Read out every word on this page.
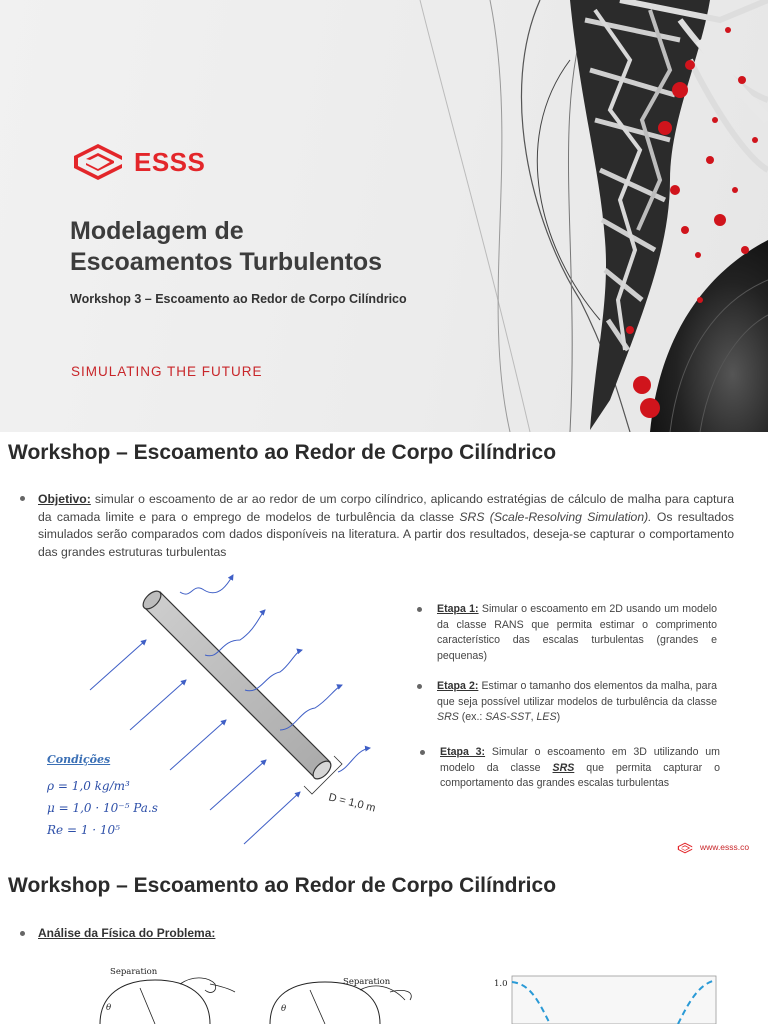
ESSS
Modelagem de
Escoamentos Turbulentos
Workshop 3 – Escoamento ao Redor de Corpo Cilíndrico
SIMULATING THE FUTURE
Workshop – Escoamento ao Redor de Corpo Cilíndrico
Objetivo: simular o escoamento de ar ao redor de um corpo cilíndrico, aplicando estratégias de cálculo de malha para captura da camada limite e para o emprego de modelos de turbulência da classe SRS (Scale-Resolving Simulation). Os resultados simulados serão comparados com dados disponíveis na literatura. A partir dos resultados, deseja-se capturar o comportamento das grandes estruturas turbulentas
D = 1,0 m
Condições
ρ = 1,0 kg/m³
μ = 1,0 · 10⁻⁵ Pa.s
Re = 1 · 10⁵
Etapa 1: Simular o escoamento em 2D usando um modelo da classe RANS que permita estimar o comprimento característico das escalas turbulentas (grandes e pequenas)
Etapa 2: Estimar o tamanho dos elementos da malha, para que seja possível utilizar modelos de turbulência da classe SRS (ex.: SAS-SST, LES)
Etapa 3: Simular o escoamento em 3D utilizando um modelo da classe SRS que permita capturar o comportamento das grandes escalas turbulentas
www.esss.co
Workshop – Escoamento ao Redor de Corpo Cilíndrico
Análise da Física do Problema:
Separation
Separation
θ	θ
1.0
